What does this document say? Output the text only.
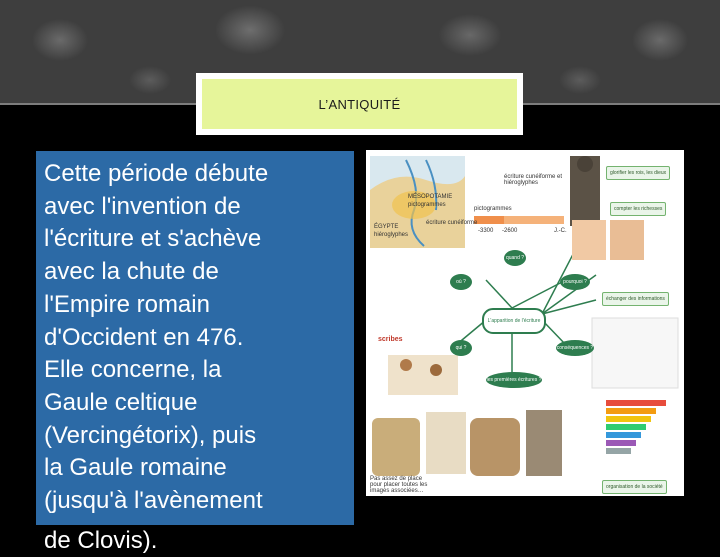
L’ANTIQUITÉ

Cette période débute
avec l'invention de
l'écriture et s'achève
avec la chute de
l'Empire romain
d'Occident en 476.
Elle concerne, la
Gaule celtique
(Vercingétorix), puis
la Gaule romaine
(jusqu'à l'avènement

de Clovis).
MÉSOPOTAMIE
pictogrammes
écriture cunéiforme
ÉGYPTE
hiéroglyphes
pictogrammes
écriture cunéiforme et hiéroglyphes
-3300 -2600	J.-C.
L'apparition de l'écriture
où ?
quand ?
qui ?
pourquoi ?
conséquences ?
les premières écritures ?
glorifier les rois, les dieux
compter les richesses
échanger des informations
organisation de la société
scribes
Pas assez de place pour placer toutes les images associées…
